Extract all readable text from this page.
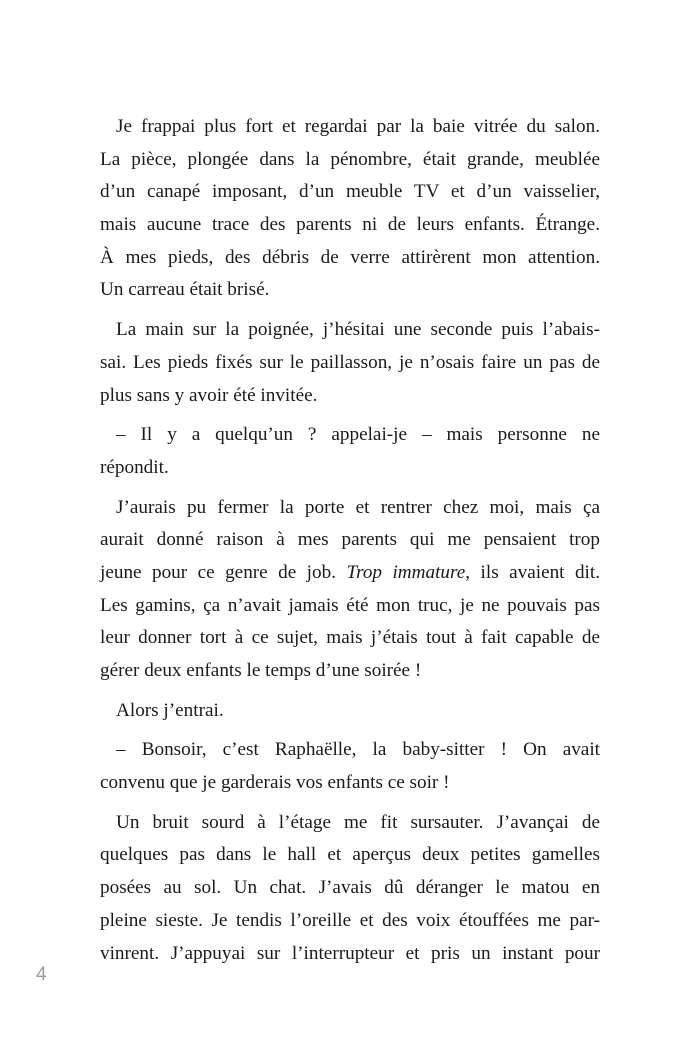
Je frappai plus fort et regardai par la baie vitrée du salon.
La pièce, plongée dans la pénombre, était grande, meublée
d’un canapé imposant, d’un meuble TV et d’un vaisselier,
mais aucune trace des parents ni de leurs enfants. Étrange.
À mes pieds, des débris de verre attirèrent mon attention.
Un carreau était brisé.
La main sur la poignée, j’hésitai une seconde puis l’abais-
sai. Les pieds fixés sur le paillasson, je n’osais faire un pas de
plus sans y avoir été invitée.
– Il y a quelqu’un ? appelai-je – mais personne ne
répondit.
J’aurais pu fermer la porte et rentrer chez moi, mais ça
aurait donné raison à mes parents qui me pensaient trop
jeune pour ce genre de job. Trop immature, ils avaient dit.
Les gamins, ça n’avait jamais été mon truc, je ne pouvais pas
leur donner tort à ce sujet, mais j’étais tout à fait capable de
gérer deux enfants le temps d’une soirée !
Alors j’entrai.
– Bonsoir, c’est Raphaëlle, la baby-sitter ! On avait
convenu que je garderais vos enfants ce soir !
Un bruit sourd à l’étage me fit sursauter. J’avançai de
quelques pas dans le hall et aperçus deux petites gamelles
posées au sol. Un chat. J’avais dû déranger le matou en
pleine sieste. Je tendis l’oreille et des voix étouffées me par-
vinrent. J’appuyai sur l’interrupteur et pris un instant pour
4
